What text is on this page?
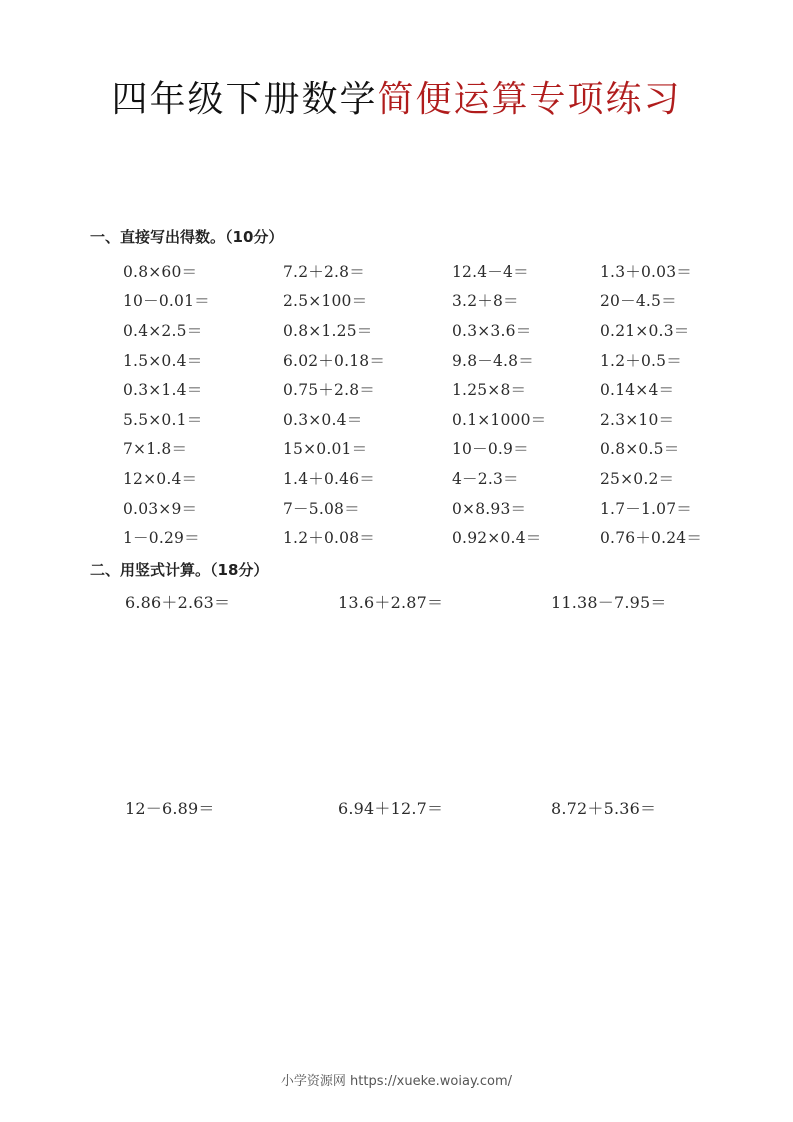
四年级下册数学简便运算专项练习
一、直接写出得数。（10分）
0.8×60＝	7.2＋2.8＝	12.4－4＝	1.3＋0.03＝
10－0.01＝	2.5×100＝	3.2＋8＝	20－4.5＝
0.4×2.5＝	0.8×1.25＝	0.3×3.6＝	0.21×0.3＝
1.5×0.4＝	6.02＋0.18＝	9.8－4.8＝	1.2＋0.5＝
0.3×1.4＝	0.75＋2.8＝	1.25×8＝	0.14×4＝
5.5×0.1＝	0.3×0.4＝	0.1×1000＝	2.3×10＝
7×1.8＝	15×0.01＝	10－0.9＝	0.8×0.5＝
12×0.4＝	1.4＋0.46＝	4－2.3＝	25×0.2＝
0.03×9＝	7－5.08＝	0×8.93＝	1.7－1.07＝
1－0.29＝	1.2＋0.08＝	0.92×0.4＝	0.76＋0.24＝
二、用竖式计算。（18分）
6.86＋2.63＝	13.6＋2.87＝	11.38－7.95＝
12－6.89＝	6.94＋12.7＝	8.72＋5.36＝
小学资源网 https://xueke.woiay.com/
